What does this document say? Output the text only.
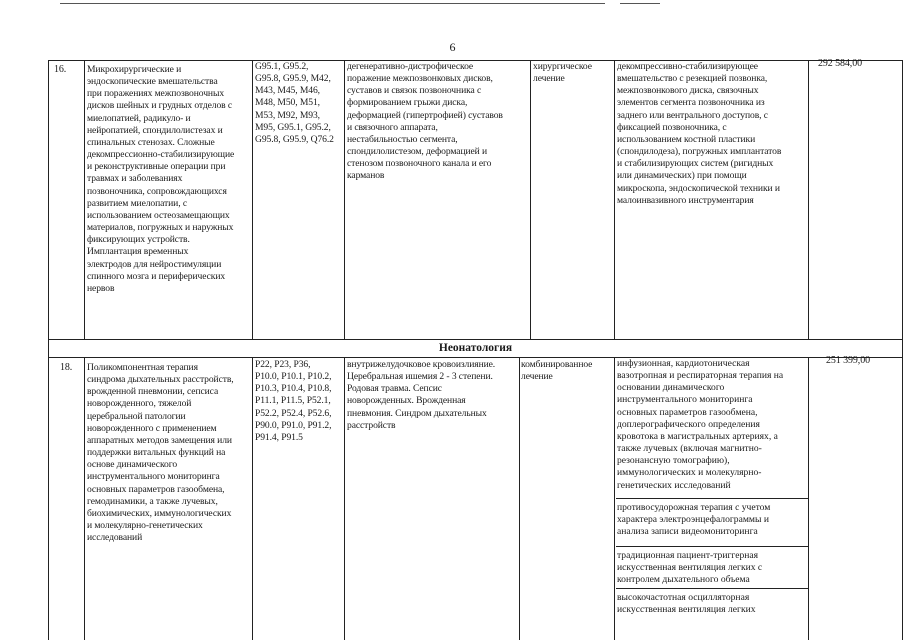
6
16. Микрохирургические и
эндоскопические вмешательства
при поражениях межпозвоночных
дисков шейных и грудных отделов с
миелопатией, радикуло- и
нейропатией, спондилолистезах и
спинальных стенозах. Сложные
декомпрессионно-стабилизирующие
и реконструктивные операции при
травмах и заболеваниях
позвоночника, сопровождающихся
развитием миелопатии, с
использованием остеозамещающих
материалов, погружных и наружных
фиксирующих устройств.
Имплантация временных
электродов для нейростимуляции
спинного мозга и периферических
нервов
G95.1, G95.2,
G95.8, G95.9, M42,
M43, M45, M46,
M48, M50, M51,
M53, M92, M93,
M95, G95.1, G95.2,
G95.8, G95.9, Q76.2
дегенеративно-дистрофическое
поражение межпозвонковых дисков,
суставов и связок позвоночника с
формированием грыжи диска,
деформацией (гипертрофией) суставов
и связочного аппарата,
нестабильностью сегмента,
спондилолистезом, деформацией и
стенозом позвоночного канала и его
карманов
хирургическое
лечение
декомпрессивно-стабилизирующее
вмешательство с резекцией позвонка,
межпозвонкового диска, связочных
элементов сегмента позвоночника из
заднего или вентрального доступов, с
фиксацией позвоночника, с
использованием костной пластики
(спондилодеза), погружных имплантатов
и стабилизирующих систем (ригидных
или динамических) при помощи
микроскопа, эндоскопической техники и
малоинвазивного инструментария
292 584,00
Неонатология
18. Поликомпонентная терапия
синдрома дыхательных расстройств,
врожденной пневмонии, сепсиса
новорожденного, тяжелой
церебральной патологии
новорожденного с применением
аппаратных методов замещения или
поддержки витальных функций на
основе динамического
инструментального мониторинга
основных параметров газообмена,
гемодинамики, а также лучевых,
биохимических, иммунологических
и молекулярно-генетических
исследований
P22, P23, P36,
P10.0, P10.1, P10.2,
P10.3, P10.4, P10.8,
P11.1, P11.5, P52.1,
P52.2, P52.4, P52.6,
P90.0, P91.0, P91.2,
P91.4, P91.5
внутрижелудочковое кровоизлияние.
Церебральная ишемия 2 - 3 степени.
Родовая травма. Сепсис
новорожденных. Врожденная
пневмония. Синдром дыхательных
расстройств
комбинированное
лечение
инфузионная, кардиотоническая
вазотропная и респираторная терапия на
основании динамического
инструментального мониторинга
основных параметров газообмена,
доплерографического определения
кровотока в магистральных артериях, а
также лучевых (включая магнитно-
резонансную томографию),
иммунологических и молекулярно-
генетических исследований
противосудорожная терапия с учетом
характера электроэнцефалограммы и
анализа записи видеомониторинга
традиционная пациент-триггерная
искусственная вентиляция легких с
контролем дыхательного объема
высокочастотная осцилляторная
искусственная вентиляция легких
251 399,00
